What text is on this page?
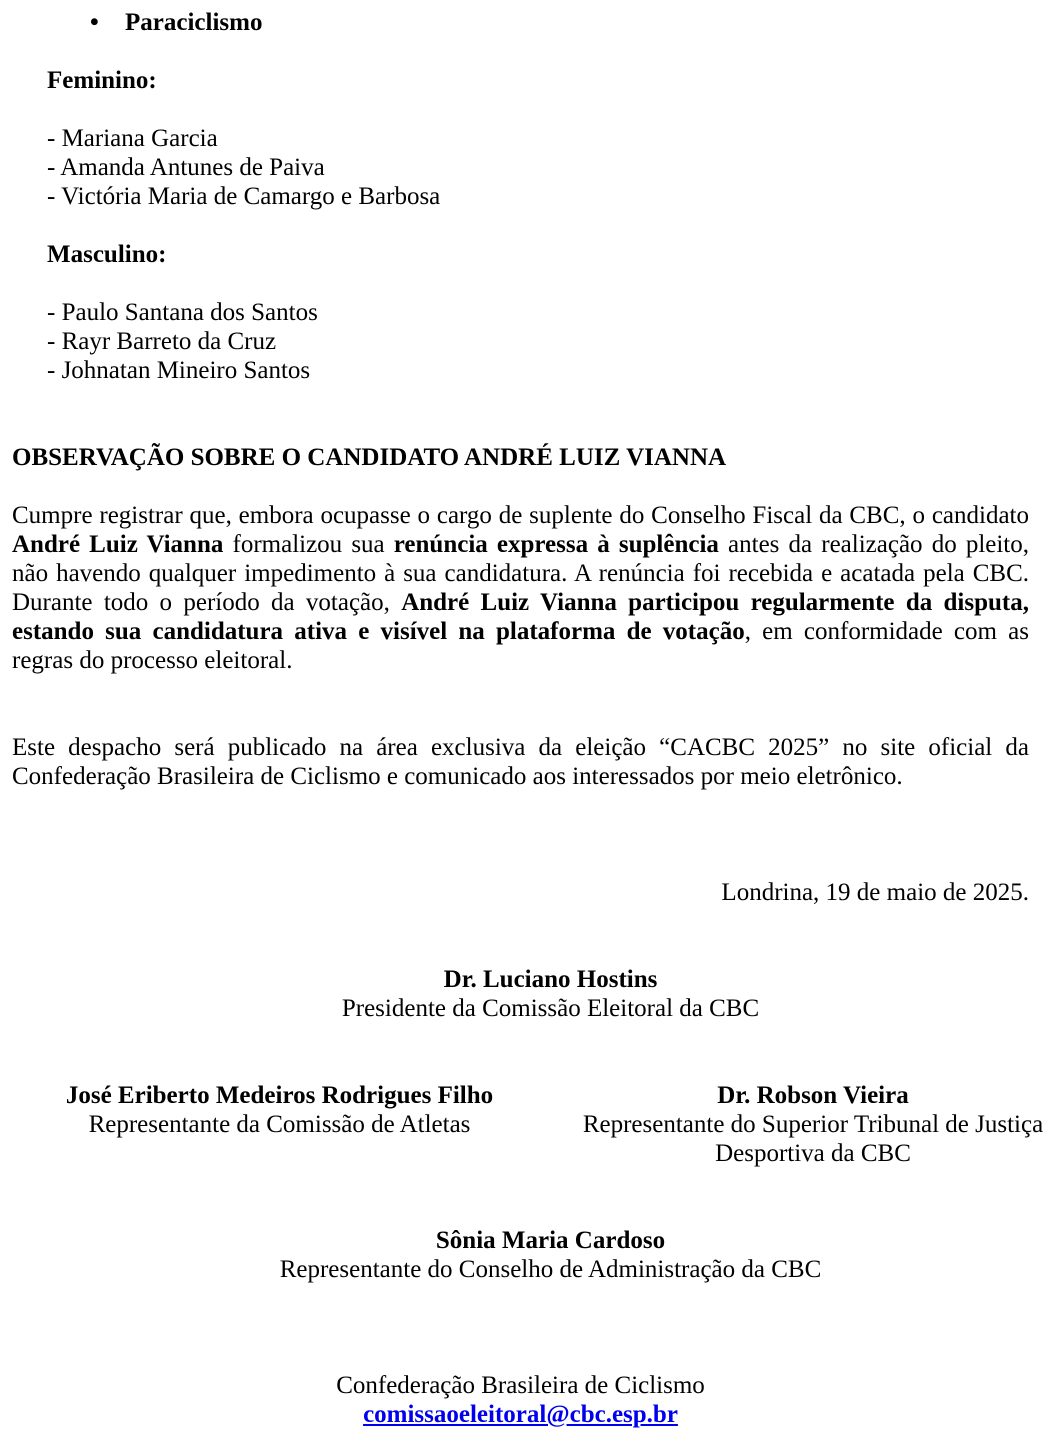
• Paraciclismo
Feminino:
- Mariana Garcia
- Amanda Antunes de Paiva
- Victória Maria de Camargo e Barbosa
Masculino:
- Paulo Santana dos Santos
- Rayr Barreto da Cruz
- Johnatan Mineiro Santos
OBSERVAÇÃO SOBRE O CANDIDATO ANDRÉ LUIZ VIANNA
Cumpre registrar que, embora ocupasse o cargo de suplente do Conselho Fiscal da CBC, o candidato André Luiz Vianna formalizou sua renúncia expressa à suplência antes da realização do pleito, não havendo qualquer impedimento à sua candidatura. A renúncia foi recebida e acatada pela CBC. Durante todo o período da votação, André Luiz Vianna participou regularmente da disputa, estando sua candidatura ativa e visível na plataforma de votação, em conformidade com as regras do processo eleitoral.
Este despacho será publicado na área exclusiva da eleição “CACBC 2025” no site oficial da Confederação Brasileira de Ciclismo e comunicado aos interessados por meio eletrônico.
Londrina, 19 de maio de 2025.
Dr. Luciano Hostins
Presidente da Comissão Eleitoral da CBC
José Eriberto Medeiros Rodrigues Filho
Representante da Comissão de Atletas
Dr. Robson Vieira
Representante do Superior Tribunal de Justiça Desportiva da CBC
Sônia Maria Cardoso
Representante do Conselho de Administração da CBC
Confederação Brasileira de Ciclismo
comissaoeleitoral@cbc.esp.br
